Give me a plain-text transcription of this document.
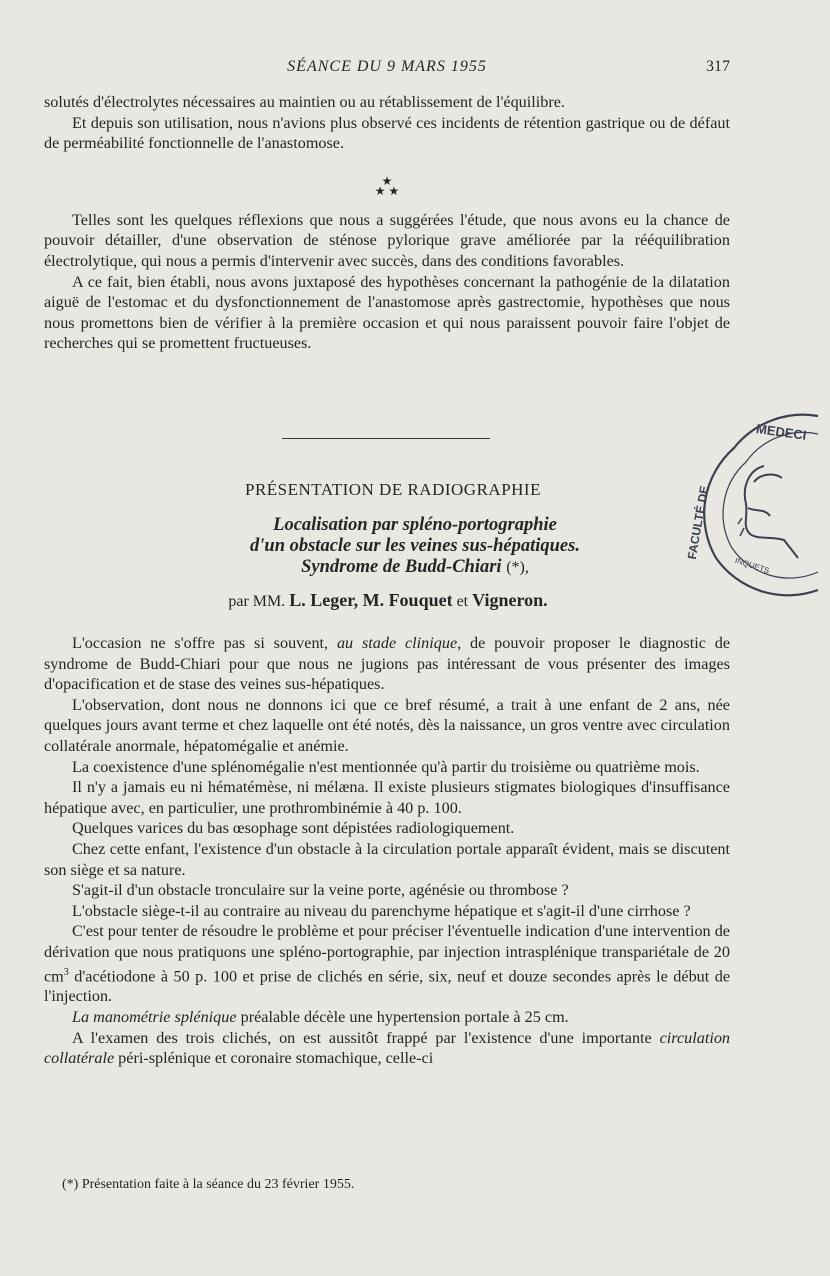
SÉANCE DU 9 MARS 1955	317

solutés d'électrolytes nécessaires au maintien ou au rétablissement de l'équilibre.

Et depuis son utilisation, nous n'avions plus observé ces incidents de rétention gastrique ou de défaut de perméabilité fonctionnelle de l'anastomose.

★
★ ★

Telles sont les quelques réflexions que nous a suggérées l'étude, que nous avons eu la chance de pouvoir détailler, d'une observation de sténose pylorique grave améliorée par la rééquilibration électrolytique, qui nous a permis d'intervenir avec succès, dans des conditions favorables.

A ce fait, bien établi, nous avons juxtaposé des hypothèses concernant la pathogénie de la dilatation aiguë de l'estomac et du dysfonctionnement de l'anastomose après gastrectomie, hypothèses que nous nous promettons bien de vérifier à la première occasion et qui nous paraissent pouvoir faire l'objet de recherches qui se promettent fructueuses.

PRÉSENTATION DE RADIOGRAPHIE
Localisation par spléno-portographie
d'un obstacle sur les veines sus-hépatiques.
Syndrome de Budd-Chiari (*),
par MM. L. Leger, M. Fouquet et Vigneron.

L'occasion ne s'offre pas si souvent, au stade clinique, de pouvoir proposer le diagnostic de syndrome de Budd-Chiari pour que nous ne jugions pas intéressant de vous présenter des images d'opacification et de stase des veines sus-hépatiques.

L'observation, dont nous ne donnons ici que ce bref résumé, a trait à une enfant de 2 ans, née quelques jours avant terme et chez laquelle ont été notés, dès la naissance, un gros ventre avec circulation collatérale anormale, hépatomégalie et anémie.

La coexistence d'une splénomégalie n'est mentionnée qu'à partir du troisième ou quatrième mois.

Il n'y a jamais eu ni hématémèse, ni mélæna. Il existe plusieurs stigmates biologiques d'insuffisance hépatique avec, en particulier, une prothrombinémie à 40 p. 100.

Quelques varices du bas œsophage sont dépistées radiologiquement.

Chez cette enfant, l'existence d'un obstacle à la circulation portale apparaît évident, mais se discutent son siège et sa nature.

S'agit-il d'un obstacle tronculaire sur la veine porte, agénésie ou thrombose ?

L'obstacle siège-t-il au contraire au niveau du parenchyme hépatique et s'agit-il d'une cirrhose ?

C'est pour tenter de résoudre le problème et pour préciser l'éventuelle indication d'une intervention de dérivation que nous pratiquons une spléno-portographie, par injection intrasplénique transpariétale de 20 $cm^3$ d'acétiodone à 50 p. 100 et prise de clichés en série, six, neuf et douze secondes après le début de l'injection.

La manométrie splénique préalable décèle une hypertension portale à 25 cm.

A l'examen des trois clichés, on est aussitôt frappé par l'existence d'une importante circulation collatérale péri-splénique et coronaire stomachique, celle-ci

(*) Présentation faite à la séance du 23 février 1955.
MEDECI
FACULTÉ DE
INQUETS
